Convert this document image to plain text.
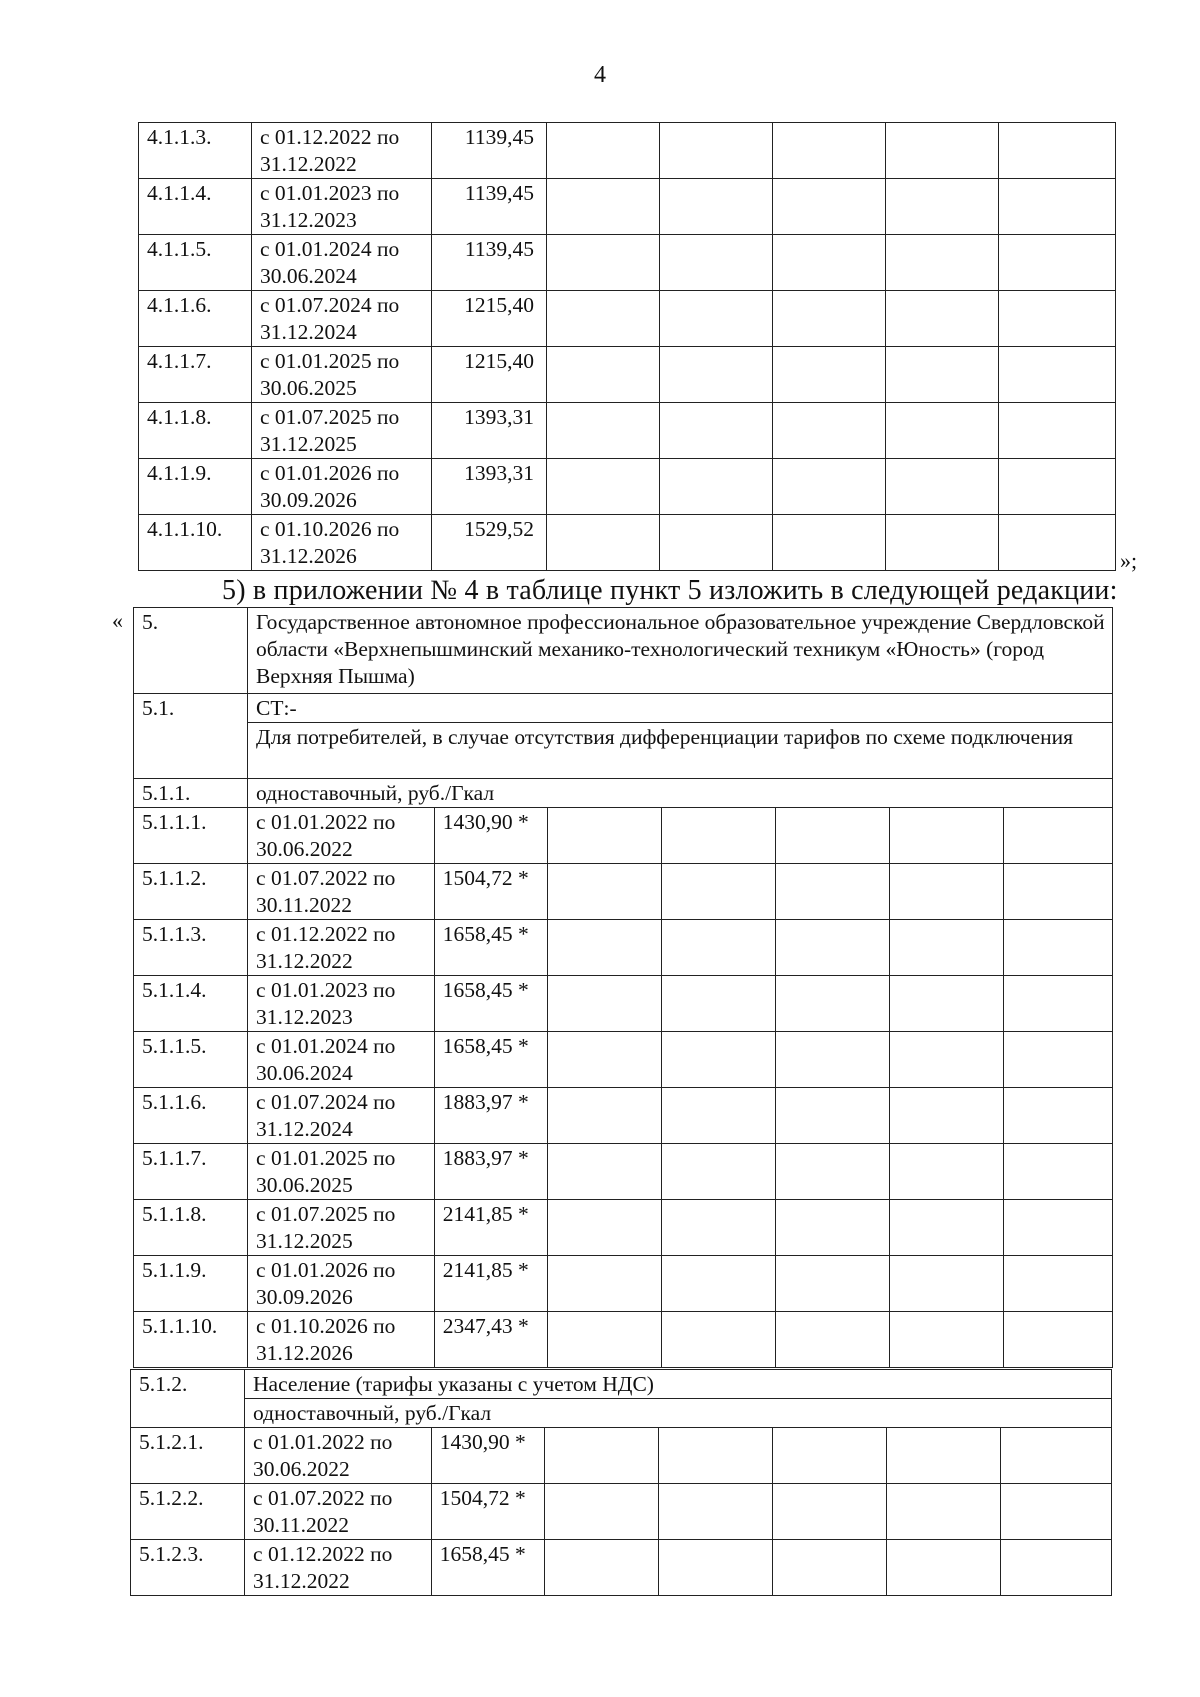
4
4.1.1.3.	с 01.12.2022 по 31.12.2022	1139,45					
4.1.1.4.	с 01.01.2023 по 31.12.2023	1139,45					
4.1.1.5.	с 01.01.2024 по 30.06.2024	1139,45					
4.1.1.6.	с 01.07.2024 по 31.12.2024	1215,40					
4.1.1.7.	с 01.01.2025 по 30.06.2025	1215,40					
4.1.1.8.	с 01.07.2025 по 31.12.2025	1393,31					
4.1.1.9.	с 01.01.2026 по 30.09.2026	1393,31					
4.1.1.10.	с 01.10.2026 по 31.12.2026	1529,52					
»;
5) в приложении № 4 в таблице пункт 5 изложить в следующей редакции:
« 5.	Государственное автономное профессиональное образовательное учреждение Свердловской области «Верхнепышминский механико-технологический техникум «Юность» (город Верхняя Пышма)						
5.1.	СТ:-						
	Для потребителей, в случае отсутствия дифференциации тарифов по схеме подключения						
5.1.1.	одноставочный, руб./Гкал						
5.1.1.1.	с 01.01.2022 по 30.06.2022	1430,90 *					
5.1.1.2.	с 01.07.2022 по 30.11.2022	1504,72 *					
5.1.1.3.	с 01.12.2022 по 31.12.2022	1658,45 *					
5.1.1.4.	с 01.01.2023 по 31.12.2023	1658,45 *					
5.1.1.5.	с 01.01.2024 по 30.06.2024	1658,45 *					
5.1.1.6.	с 01.07.2024 по 31.12.2024	1883,97 *					
5.1.1.7.	с 01.01.2025 по 30.06.2025	1883,97 *					
5.1.1.8.	с 01.07.2025 по 31.12.2025	2141,85 *					
5.1.1.9.	с 01.01.2026 по 30.09.2026	2141,85 *					
5.1.1.10.	с 01.10.2026 по 31.12.2026	2347,43 *					
5.1.2.	Население (тарифы указаны с учетом НДС)						
	одноставочный, руб./Гкал						
5.1.2.1.	с 01.01.2022 по 30.06.2022	1430,90 *					
5.1.2.2.	с 01.07.2022 по 30.11.2022	1504,72 *					
5.1.2.3.	с 01.12.2022 по 31.12.2022	1658,45 *					
